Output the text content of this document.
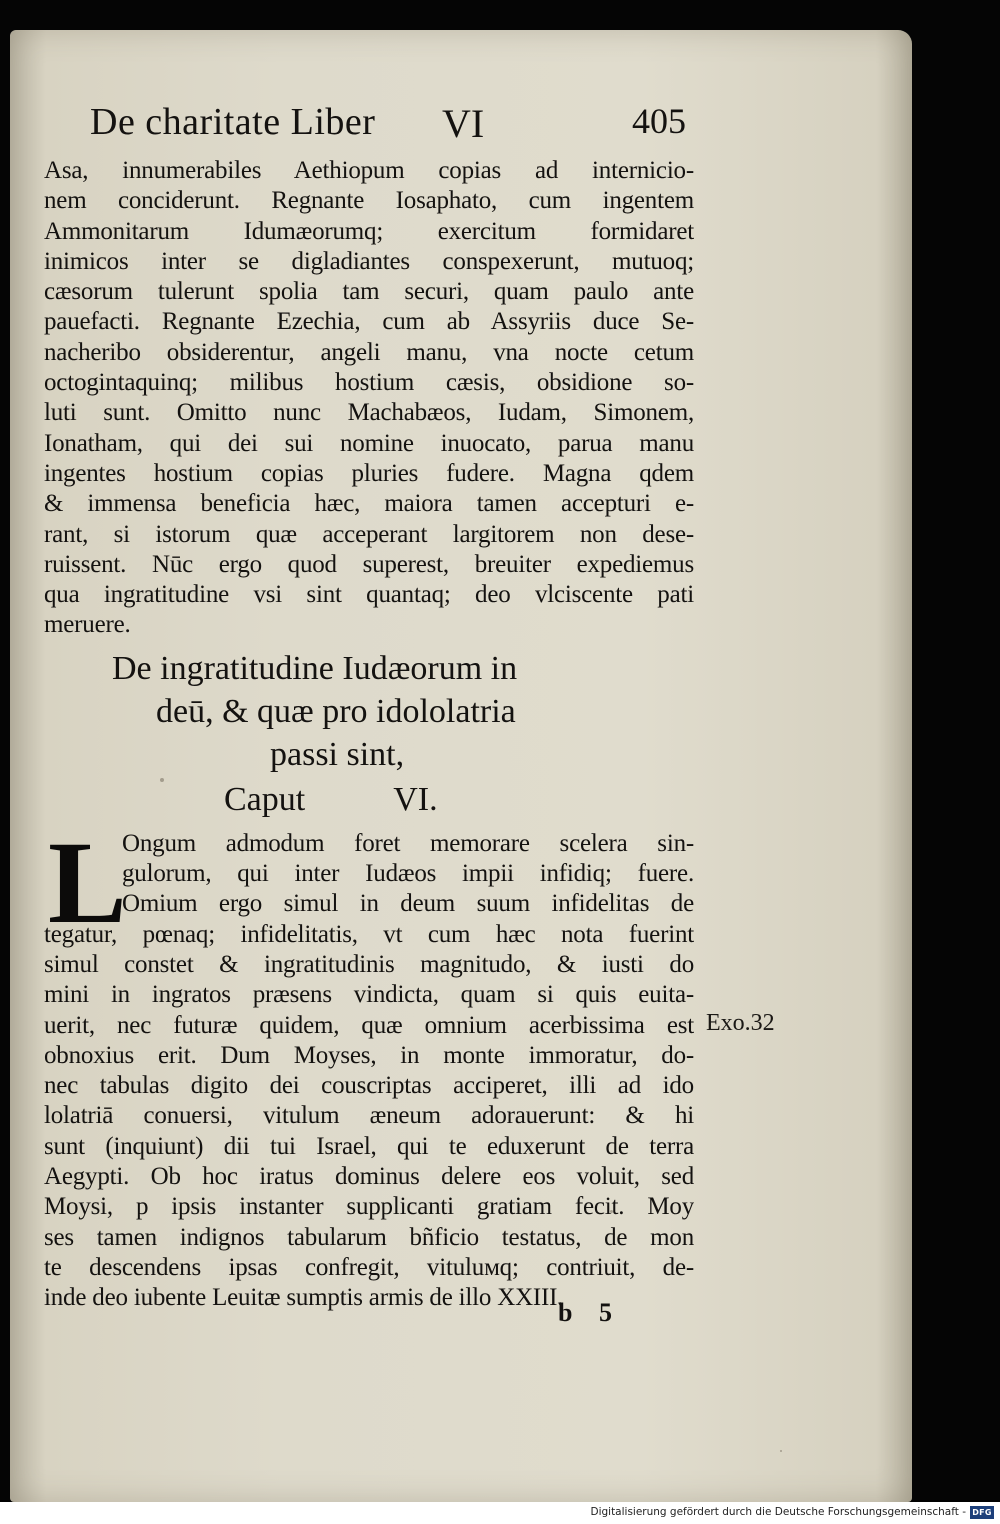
De charitate Liber VI	405
Asa, innumerabiles Aethiopum copias ad internicio-
nem conciderunt. Regnante Iosaphato, cum ingentem
Ammonitarum Idumæorumq; exercitum formidaret
inimicos inter se digladiantes conspexerunt, mutuoq;
cæsorum tulerunt spolia tam securi, quam paulo ante
pauefacti. Regnante Ezechia, cum ab Assyriis duce Se-
nacheribo obsiderentur, angeli manu, vna nocte cetum
octogintaquinq; milibus hostium cæsis, obsidione so-
luti sunt. Omitto nunc Machabæos, Iudam, Simonem,
Ionatham, qui dei sui nomine inuocato, parua manu
ingentes hostium copias pluries fudere. Magna qdem
& immensa beneficia hæc, maiora tamen accepturi e-
rant, si istorum quæ acceperant largitorem non dese-
ruissent. Nūc ergo quod superest, breuiter expediemus
qua ingratitudine vsi sint quantaq; deo vlciscente pati
meruere.
De ingratitudine Iudæorum in
deū, & quæ pro idololatria
passi sint,
Caput	VI.
L
Ongum admodum foret memorare scelera sin-
gulorum, qui inter Iudæos impii infidiq; fuere.
Omium ergo simul in deum suum infidelitas de
tegatur, pœnaq; infidelitatis, vt cum hæc nota fuerint
simul constet & ingratitudinis magnitudo, & iusti do
mini in ingratos præsens vindicta, quam si quis euita-
uerit, nec futuræ quidem, quæ omnium acerbissima est
obnoxius erit. Dum Moyses, in monte immoratur, do-
nec tabulas digito dei couscriptas acciperet, illi ad ido
lolatriā conuersi, vitulum æneum adorauerunt: & hi
sunt (inquiunt) dii tui Israel, qui te eduxerunt de terra
Aegypti. Ob hoc iratus dominus delere eos voluit, sed
Moysi, p ipsis instanter supplicanti gratiam fecit. Moy
ses tamen indignos tabularum bñficio testatus, de mon
te descendens ipsas confregit, vituluмq; contriuit, de-
inde deo iubente Leuitæ sumptis armis de illo XXIII.
Exo.32
b 5
Digitalisierung gefördert durch die Deutsche Forschungsgemeinschaft - DFG
